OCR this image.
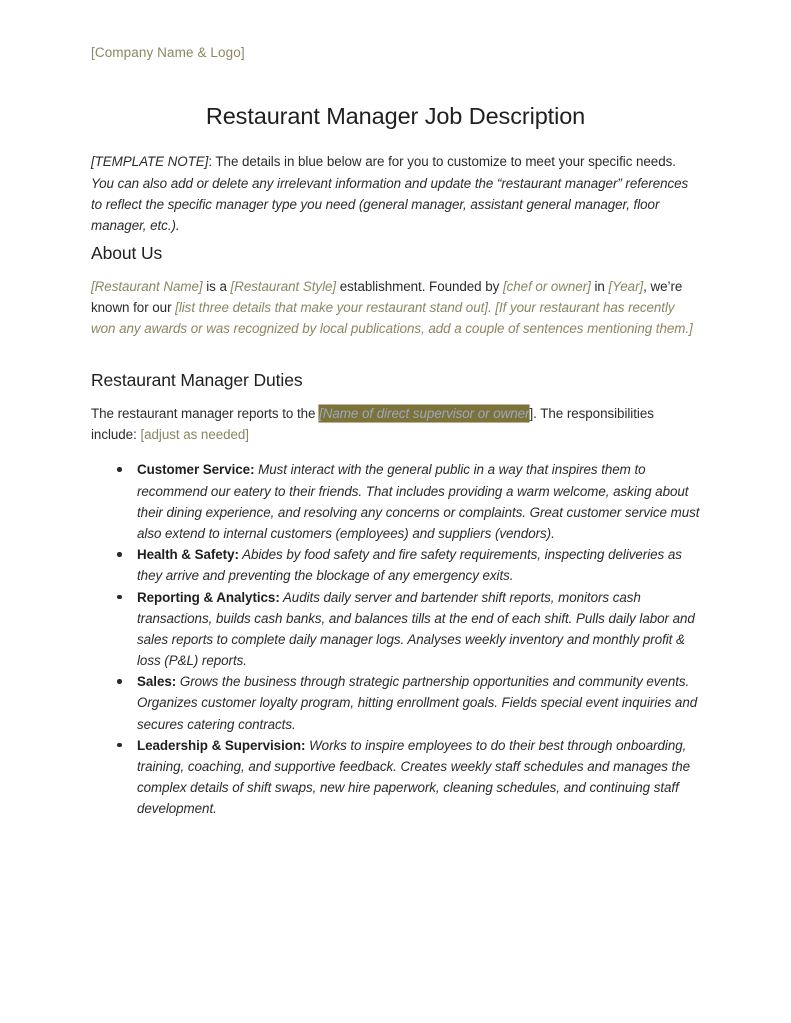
[Company Name & Logo]
Restaurant Manager Job Description

[TEMPLATE NOTE]: The details in blue below are for you to customize to meet your specific needs. You can also add or delete any irrelevant information and update the “restaurant manager” references to reflect the specific manager type you need (general manager, assistant general manager, floor manager, etc.).

About Us

[Restaurant Name] is a [Restaurant Style] establishment. Founded by [chef or owner] in [Year], we’re known for our [list three details that make your restaurant stand out]. [If your restaurant has recently won any awards or was recognized by local publications, add a couple of sentences mentioning them.]

Restaurant Manager Duties

The restaurant manager reports to the [Name of direct supervisor or owner]. The responsibilities include: [adjust as needed]

Customer Service: Must interact with the general public in a way that inspires them to recommend our eatery to their friends. That includes providing a warm welcome, asking about their dining experience, and resolving any concerns or complaints. Great customer service must also extend to internal customers (employees) and suppliers (vendors).
Health & Safety: Abides by food safety and fire safety requirements, inspecting deliveries as they arrive and preventing the blockage of any emergency exits.
Reporting & Analytics: Audits daily server and bartender shift reports, monitors cash transactions, builds cash banks, and balances tills at the end of each shift. Pulls daily labor and sales reports to complete daily manager logs. Analyses weekly inventory and monthly profit & loss (P&L) reports.
Sales: Grows the business through strategic partnership opportunities and community events. Organizes customer loyalty program, hitting enrollment goals. Fields special event inquiries and secures catering contracts.
Leadership & Supervision: Works to inspire employees to do their best through onboarding, training, coaching, and supportive feedback. Creates weekly staff schedules and manages the complex details of shift swaps, new hire paperwork, cleaning schedules, and continuing staff development.
